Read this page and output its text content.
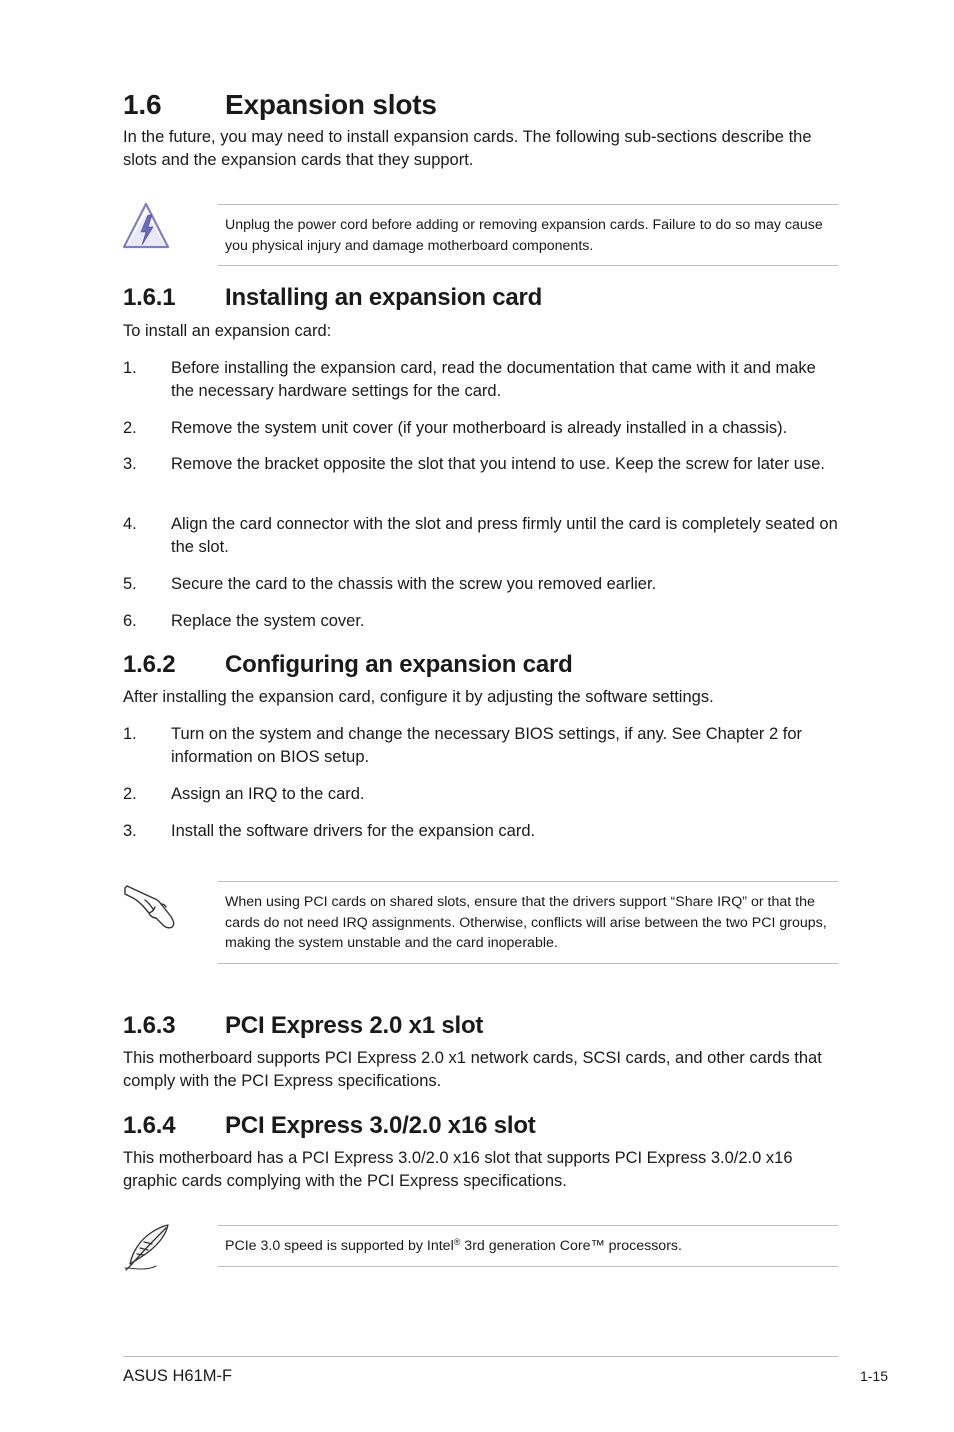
1.6 Expansion slots
In the future, you may need to install expansion cards. The following sub-sections describe the slots and the expansion cards that they support.
Unplug the power cord before adding or removing expansion cards. Failure to do so may cause you physical injury and damage motherboard components.
1.6.1 Installing an expansion card
To install an expansion card:
1. Before installing the expansion card, read the documentation that came with it and make the necessary hardware settings for the card.
2. Remove the system unit cover (if your motherboard is already installed in a chassis).
3. Remove the bracket opposite the slot that you intend to use. Keep the screw for later use.
4. Align the card connector with the slot and press firmly until the card is completely seated on the slot.
5. Secure the card to the chassis with the screw you removed earlier.
6. Replace the system cover.
1.6.2 Configuring an expansion card
After installing the expansion card, configure it by adjusting the software settings.
1. Turn on the system and change the necessary BIOS settings, if any. See Chapter 2 for information on BIOS setup.
2. Assign an IRQ to the card.
3. Install the software drivers for the expansion card.
When using PCI cards on shared slots, ensure that the drivers support “Share IRQ” or that the cards do not need IRQ assignments. Otherwise, conflicts will arise between the two PCI groups, making the system unstable and the card inoperable.
1.6.3 PCI Express 2.0 x1 slot
This motherboard supports PCI Express 2.0 x1 network cards, SCSI cards, and other cards that comply with the PCI Express specifications.
1.6.4 PCI Express 3.0/2.0 x16 slot
This motherboard has a PCI Express 3.0/2.0 x16 slot that supports PCI Express 3.0/2.0 x16 graphic cards complying with the PCI Express specifications.
PCIe 3.0 speed is supported by Intel® 3rd generation Core™ processors.
ASUS H61M-F	1-15
